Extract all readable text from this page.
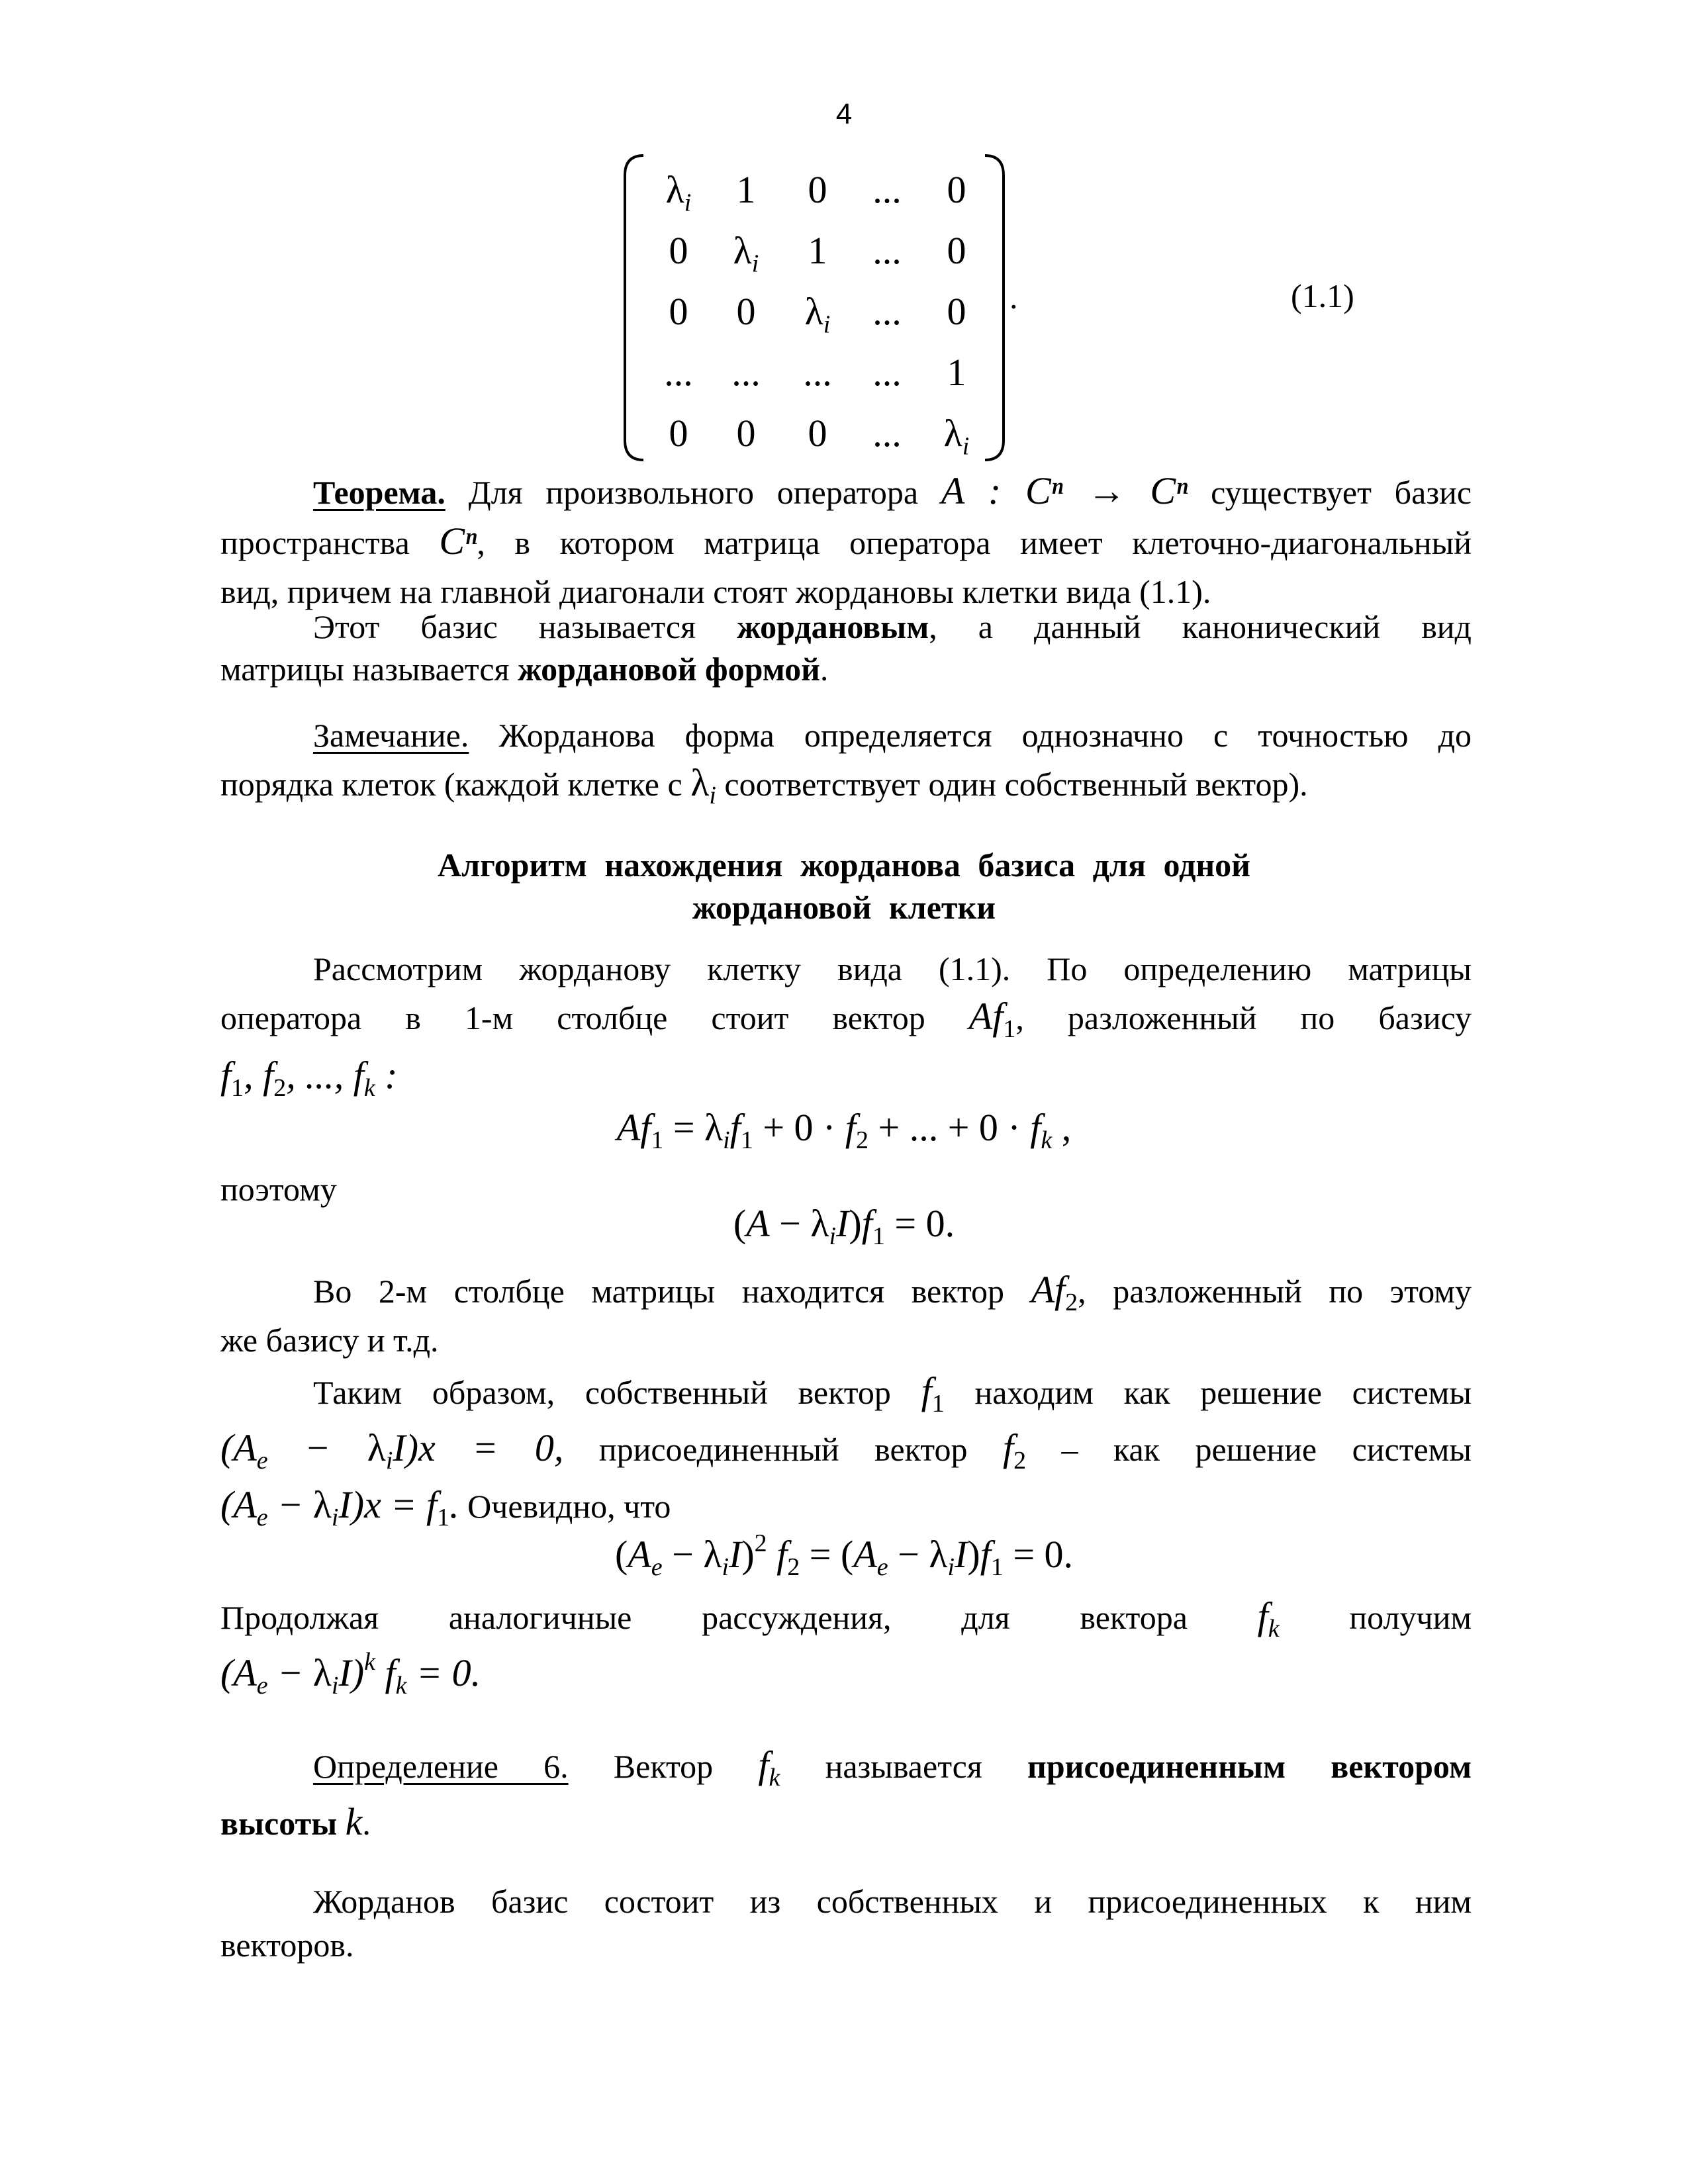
4
$\lambda_i$	1	0	...	0
0	$\lambda_i$	1	...	0
0	0	$\lambda_i$	...	0
...	...	...	...	1
0	0	0	...	$\lambda_i$
.	(1.1)
Теорема. Для произвольного оператора A : Cⁿ → Cⁿ существует базис
пространства Cⁿ, в котором матрица оператора имеет клеточно-диагональный
вид, причем на главной диагонали стоят жордановы клетки вида (1.1).
Этот базис называется жордановым, а данный канонический вид
матрицы называется жордановой формой.
Замечание. Жорданова форма определяется однозначно с точностью до
порядка клеток (каждой клетке с $\lambda_i$ соответствует один собственный вектор).
Алгоритм нахождения жорданова базиса для одной
жордановой клетки
Рассмотрим жорданову клетку вида (1.1). По определению матрицы
оператора в 1-м столбце стоит вектор $Af_1$, разложенный по базису
$f_1$, $f_2$, ..., $f_k$ :
$Af_1 = \lambda_if_1 + 0 \cdot f_2$ + ... + $0 \cdot f_k$ ,
поэтому
$(A - \lambda_iI)f_1 = 0$.
Во 2-м столбце матрицы находится вектор $Af_2$, разложенный по этому
же базису и т.д.
Таким образом, собственный вектор $f_1$ находим как решение системы
$(A_e - \lambda_iI)x = 0$, присоединенный вектор $f_2$ – как решение системы
$(A_e - \lambda_iI)x = f_1$. Очевидно, что
$(A_e - \lambda_iI)^2$ $f_2 = (A_e - \lambda_iI)f_1 = 0$.
Продолжая аналогичные рассуждения, для вектора $f_k$ получим
$(A_e - \lambda_iI)^k$ $f_k = 0$.
Определение 6. Вектор $f_k$ называется присоединенным вектором
высоты k.
Жорданов базис состоит из собственных и присоединенных к ним
векторов.
